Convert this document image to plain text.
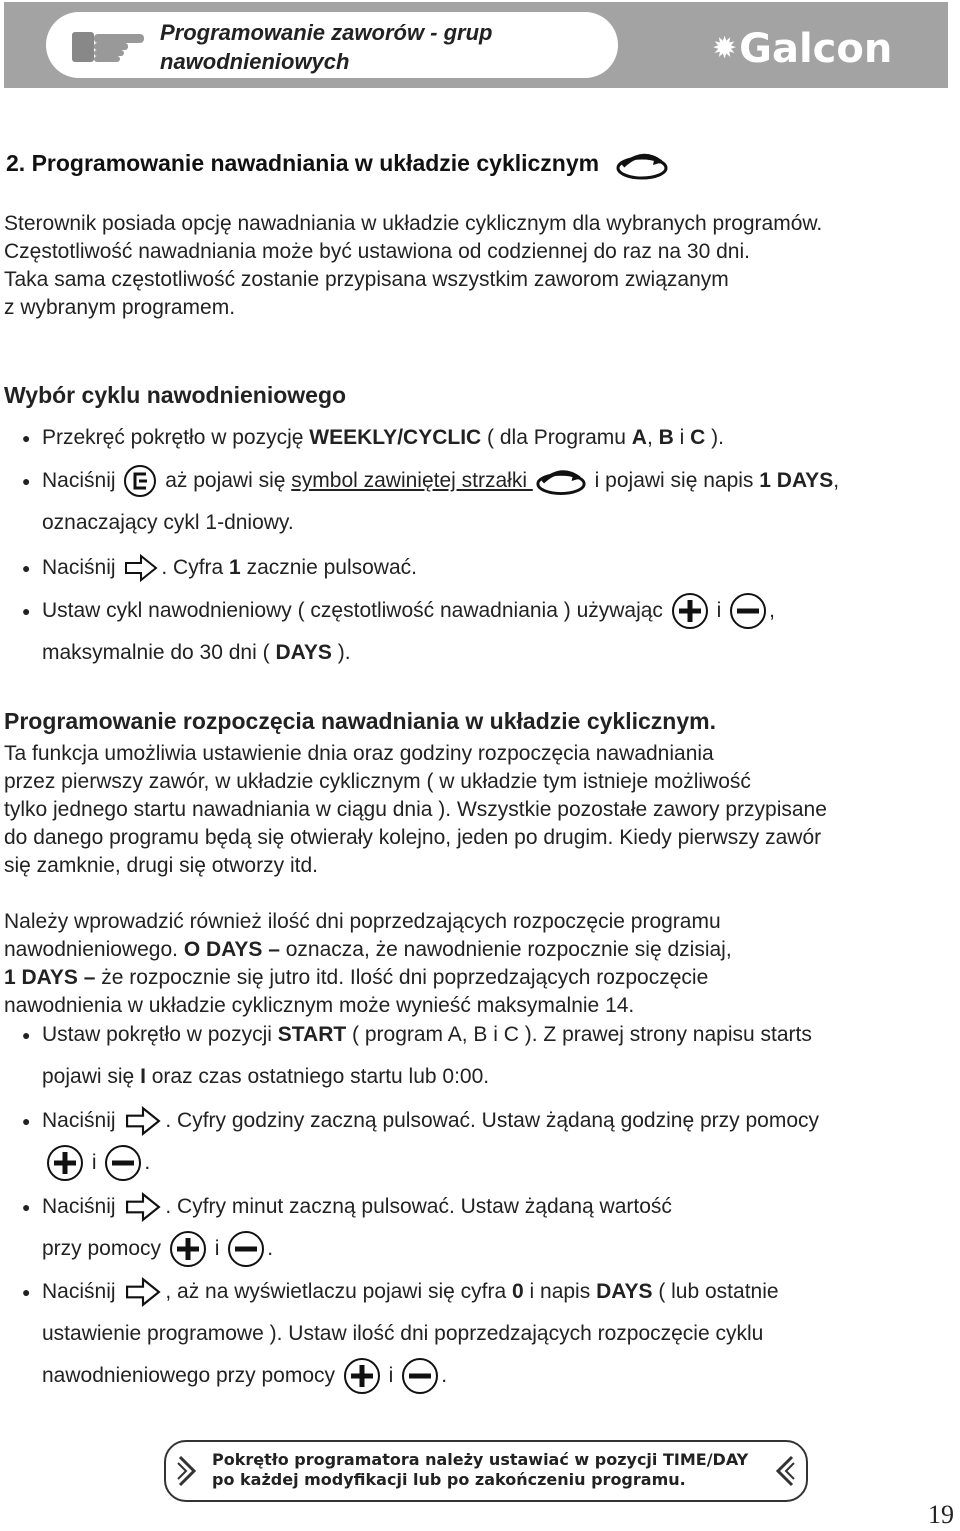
Programowanie zaworów - grup
nawodnieniowych	✹Galcon
2. Programowanie nawadniania w układzie cyklicznym
Sterownik posiada opcję nawadniania w układzie cyklicznym dla wybranych programów.
Częstotliwość nawadniania może być ustawiona od codziennej do raz na 30 dni.
Taka sama częstotliwość zostanie przypisana wszystkim zaworom związanym
z wybranym programem.
Wybór cyklu nawodnieniowego
● Przekręć pokrętło w pozycję WEEKLY/CYCLIC ( dla Programu A, B i C ).
● Naciśnij  aż pojawi się symbol zawiniętej strzałki	i pojawi się napis 1 DAYS,
oznaczający cykl 1-dniowy.
● Naciśnij . Cyfra 1 zacznie pulsować.
● Ustaw cykl nawodnieniowy ( częstotliwość nawadniania ) używając  i ,
maksymalnie do 30 dni ( DAYS ).
Programowanie rozpoczęcia nawadniania w układzie cyklicznym.
Ta funkcja umożliwia ustawienie dnia oraz godziny rozpoczęcia nawadniania
przez pierwszy zawór, w układzie cyklicznym ( w układzie tym istnieje możliwość
tylko jednego startu nawadniania w ciągu dnia ). Wszystkie pozostałe zawory przypisane
do danego programu będą się otwierały kolejno, jeden po drugim. Kiedy pierwszy zawór
się zamknie, drugi się otworzy itd.
Należy wprowadzić również ilość dni poprzedzających rozpoczęcie programu
nawodnieniowego. O DAYS – oznacza, że nawodnienie rozpocznie się dzisiaj,
1 DAYS – że rozpocznie się jutro itd. Ilość dni poprzedzających rozpoczęcie
nawodnienia w układzie cyklicznym może wynieść maksymalnie 14.
● Ustaw pokrętło w pozycji START ( program A, B i C ). Z prawej strony napisu starts
pojawi się I oraz czas ostatniego startu lub 0:00.
● Naciśnij . Cyfry godziny zaczną pulsować. Ustaw żądaną godzinę przy pomocy
i .
● Naciśnij . Cyfry minut zaczną pulsować. Ustaw żądaną wartość
przy pomocy  i .
● Naciśnij , aż na wyświetlaczu pojawi się cyfra 0 i napis DAYS ( lub ostatnie
ustawienie programowe ). Ustaw ilość dni poprzedzających rozpoczęcie cyklu
nawodnieniowego przy pomocy  i .
Pokrętło programatora należy ustawiać w pozycji TIME/DAY
po każdej modyfikacji lub po zakończeniu programu.
19
